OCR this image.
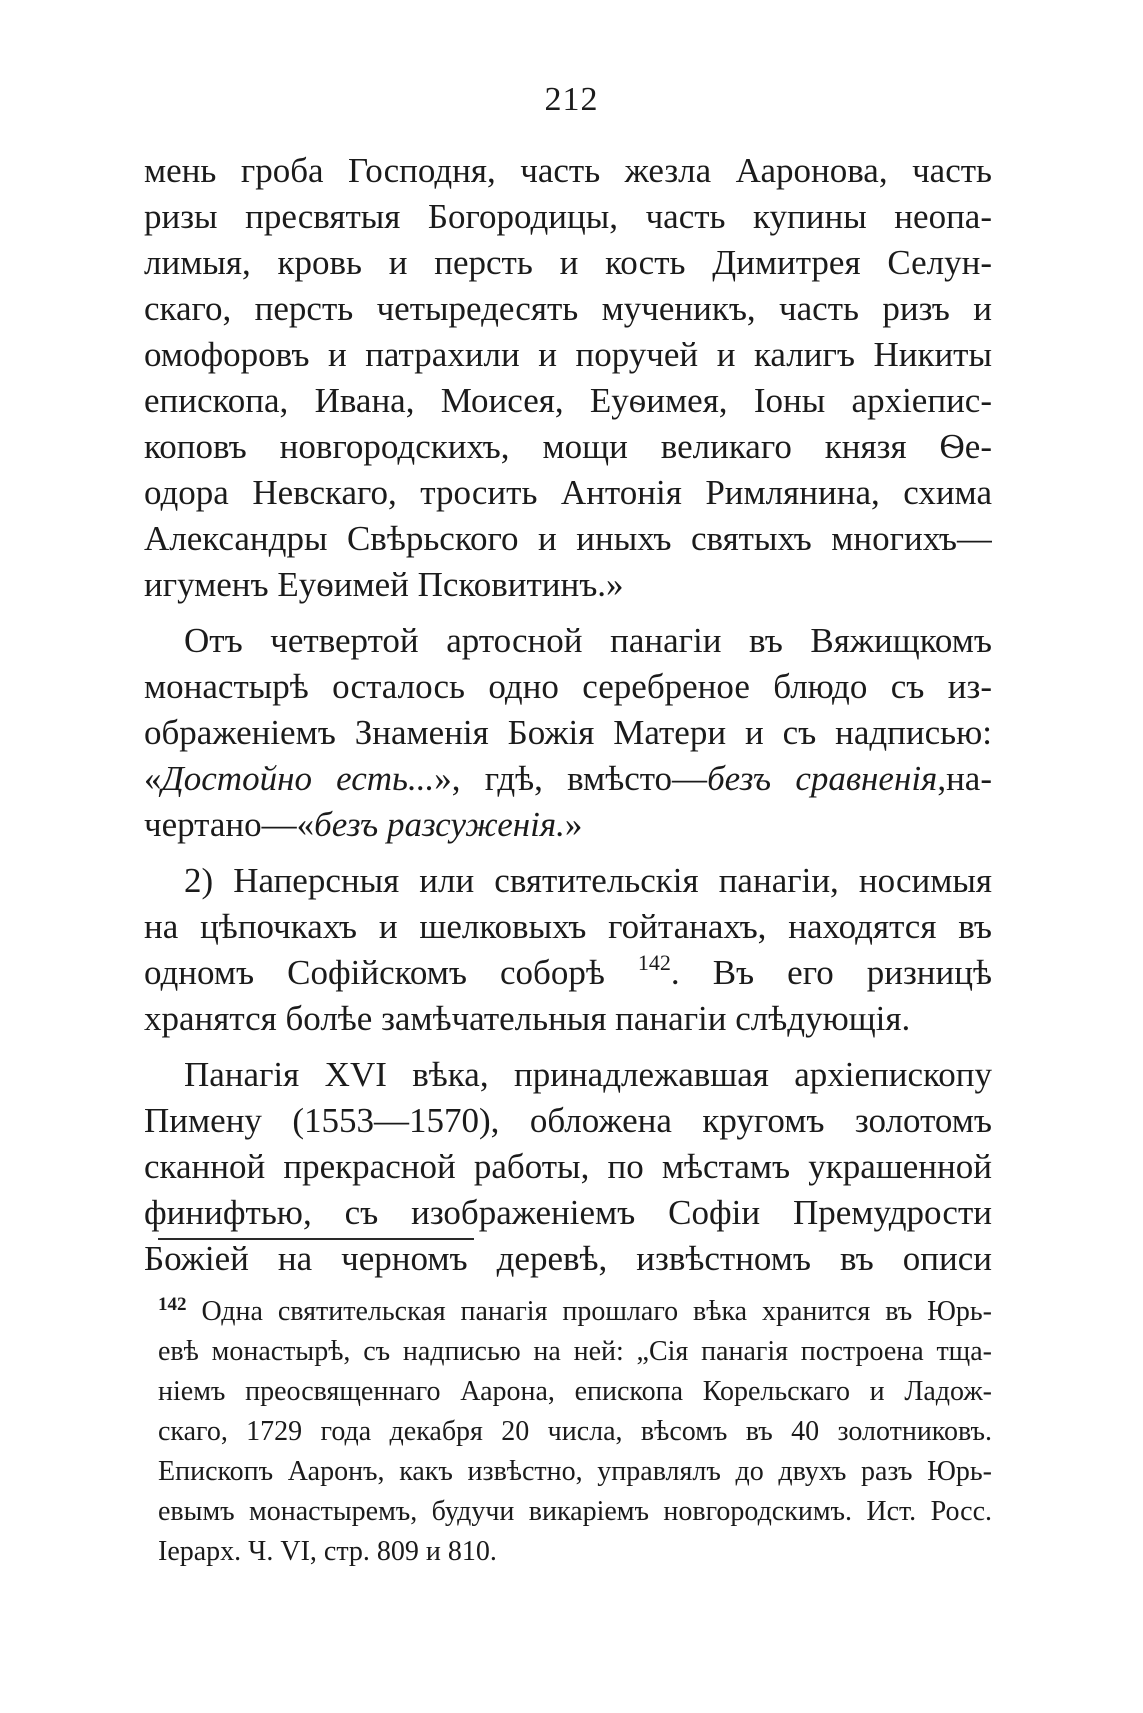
212
мень гроба Господня, часть жезла Ааронова, часть
ризы пресвятыя Богородицы, часть купины неопа-
лимыя, кровь и персть и кость Димитрея Селун-
скаго, персть четыредесять мученикъ, часть ризъ и
омофоровъ и патрахили и поручей и калигъ Никиты
епископа, Ивана, Моисея, Еуѳимея, Іоны архіепис-
коповъ новгородскихъ, мощи великаго князя Ѳе-
одора Невскаго, тросить Антонія Римлянина, схима
Александры Свѣрьского и иныхъ святыхъ многихъ—
игуменъ Еуѳимей Псковитинъ.»
Отъ четвертой артосной панагіи въ Вяжищкомъ
монастырѣ осталось одно серебреное блюдо съ из-
ображеніемъ Знаменія Божія Матери и съ надписью:
«Достойно есть...», гдѣ, вмѣсто—безъ сравненія,на-
чертано—«безъ разсуженія.»
2) Наперсныя или святительскія панагіи, носимыя
на цѣпочкахъ и шелковыхъ гойтанахъ, находятся въ
одномъ Софійскомъ соборѣ $^{142}$. Въ его ризницѣ
хранятся болѣе замѣчательныя панагіи слѣдующія.
Панагія XVI вѣка, принадлежавшая архіепископу
Пимену (1553—1570), обложена кругомъ золотомъ
сканной прекрасной работы, по мѣстамъ украшенной
финифтью, съ изображеніемъ Софіи Премудрости
Божіей на черномъ деревѣ, извѣстномъ въ описи
$^{142}$ Одна святительская панагія прошлаго вѣка хранится въ Юрь-
евѣ монастырѣ, съ надписью на ней: „Сія панагія построена тща-
ніемъ преосвященнаго Аарона, епископа Корельскаго и Ладож-
скаго, 1729 года декабря 20 числа, вѣсомъ въ 40 золотниковъ.
Епископъ Ааронъ, какъ извѣстно, управлялъ до двухъ разъ Юрь-
евымъ монастыремъ, будучи викаріемъ новгородскимъ. Ист. Росс.
Іерарх. Ч. VI, стр. 809 и 810.
